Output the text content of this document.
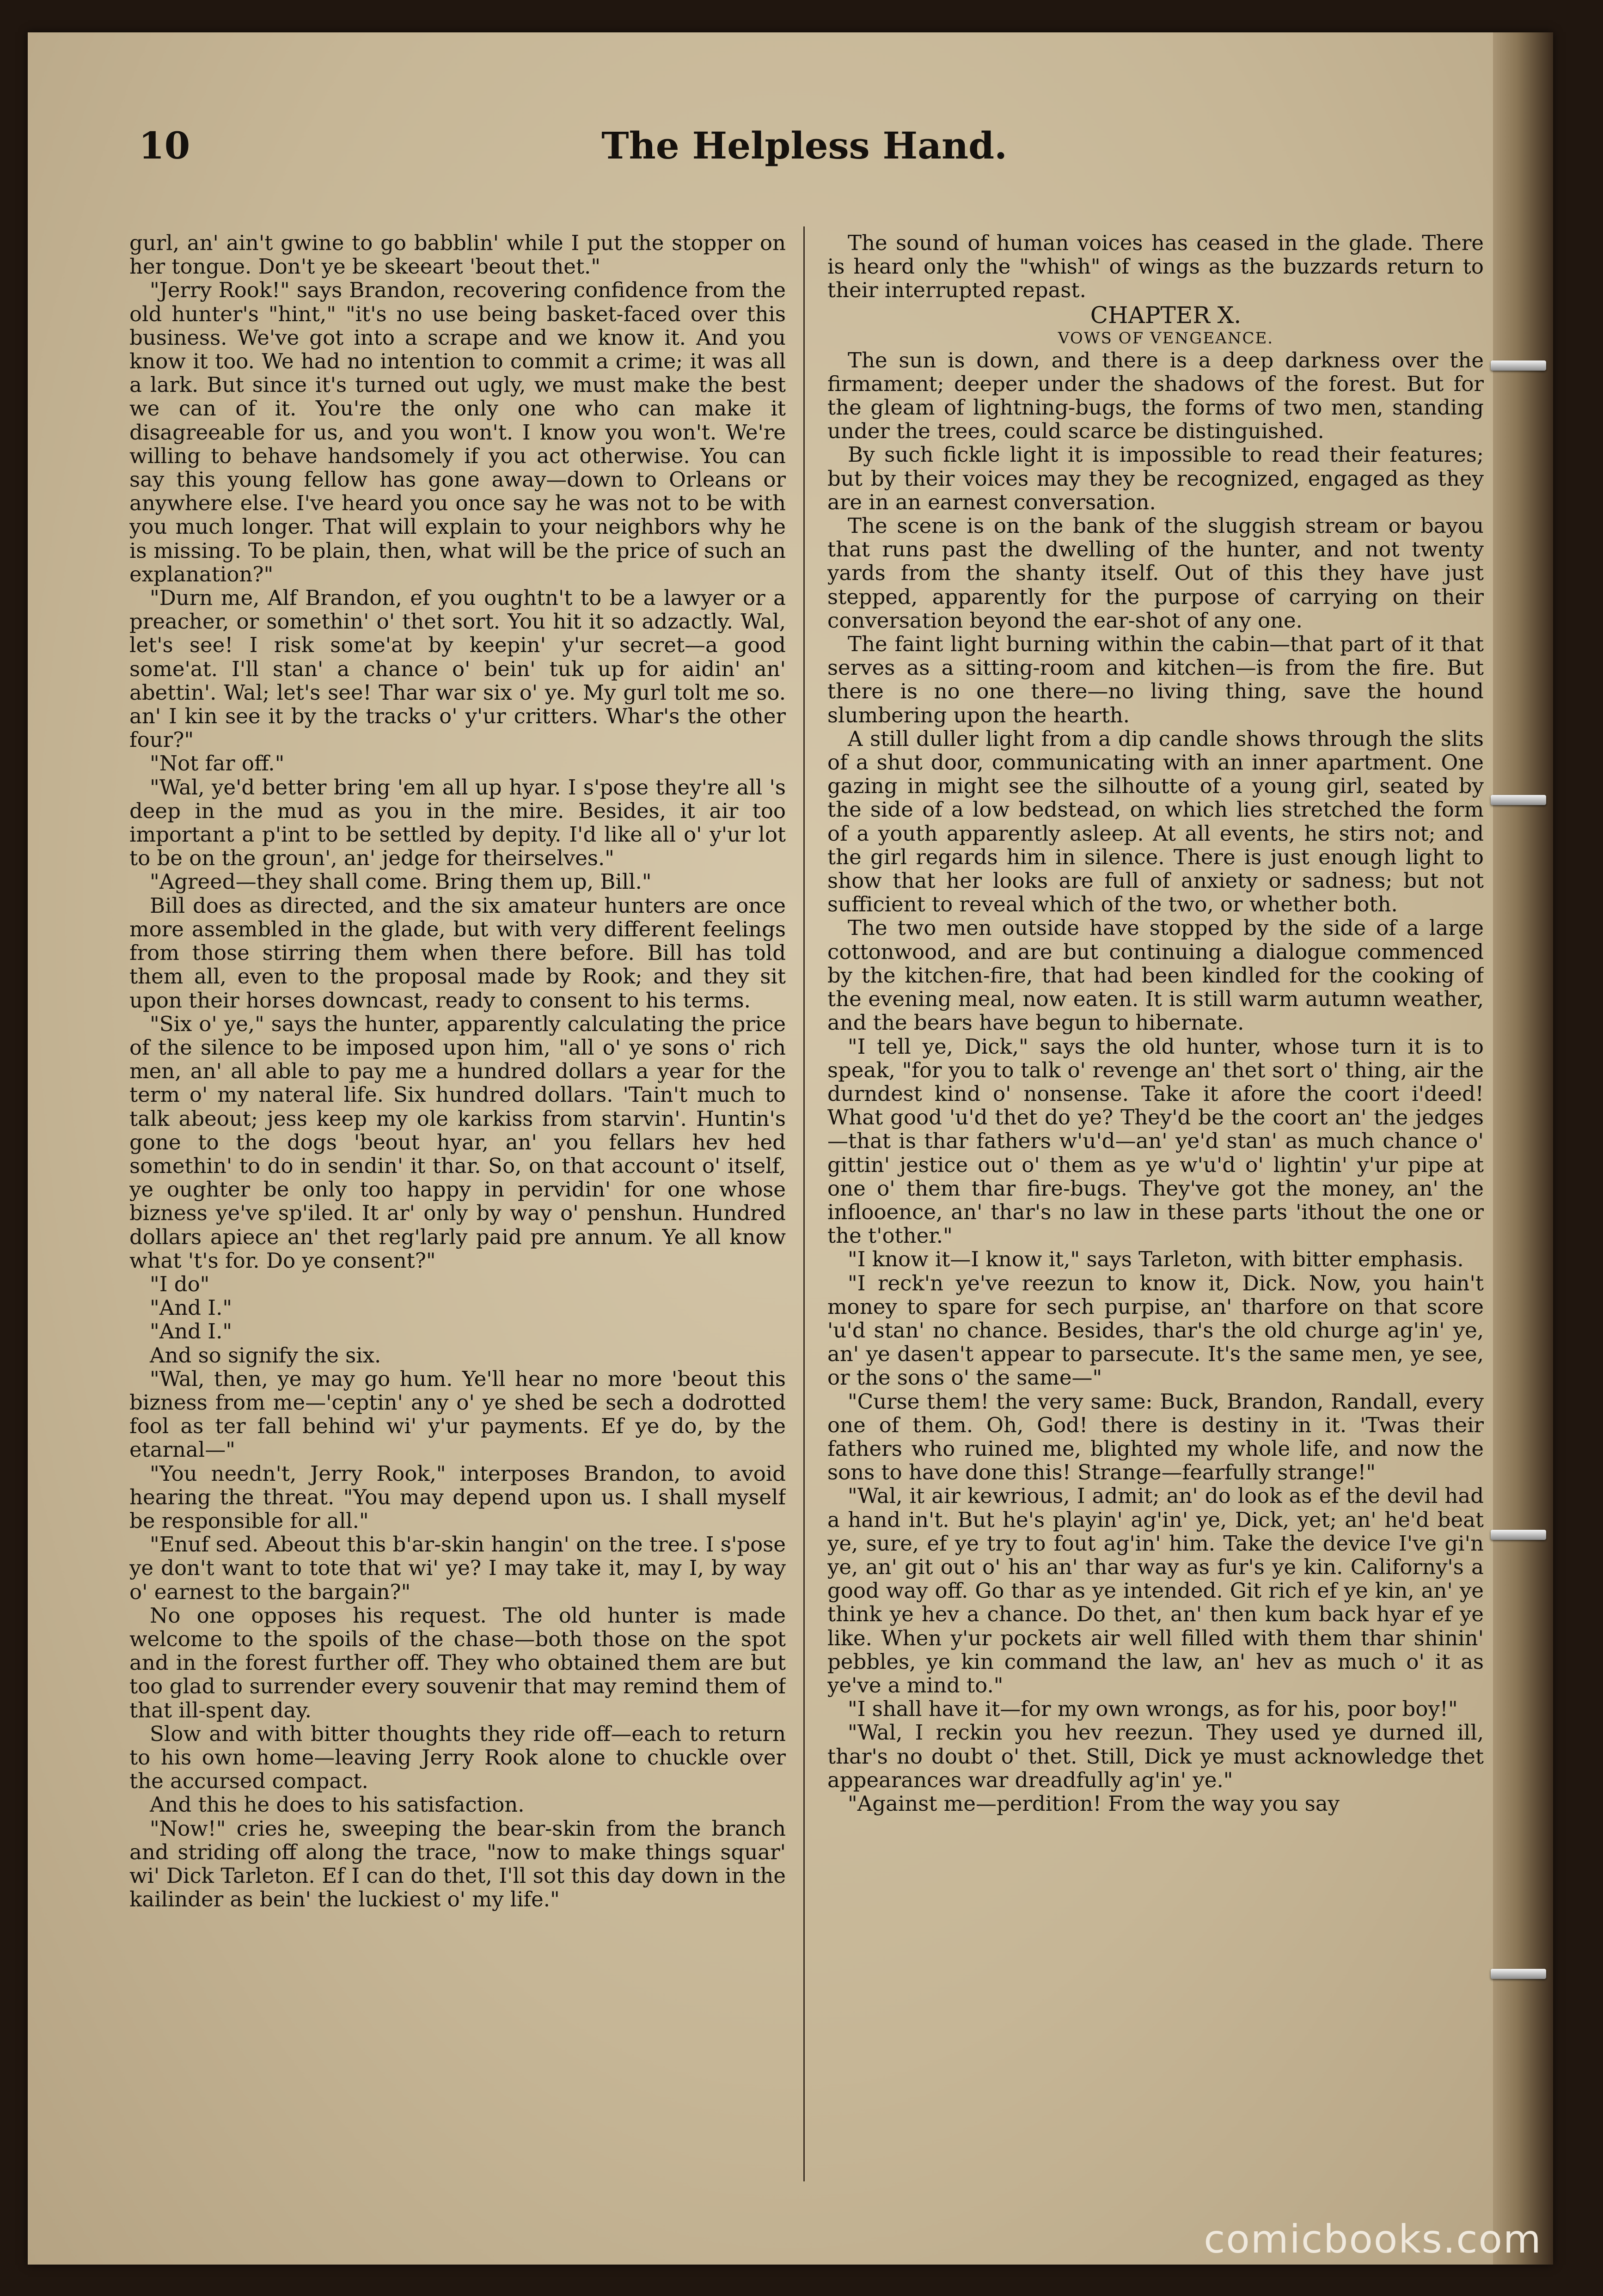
10	The Helpless Hand.

gurl, an' ain't gwine to go babblin' while I put the stopper on her tongue. Don't ye be skeeart 'beout thet."

"Jerry Rook!" says Brandon, recovering confidence from the old hunter's "hint," "it's no use being basket-faced over this business. We've got into a scrape and we know it. And you know it too. We had no intention to commit a crime; it was all a lark. But since it's turned out ugly, we must make the best we can of it. You're the only one who can make it disagreeable for us, and you won't. I know you won't. We're willing to behave handsomely if you act otherwise. You can say this young fellow has gone away—down to Orleans or anywhere else. I've heard you once say he was not to be with you much longer. That will explain to your neighbors why he is missing. To be plain, then, what will be the price of such an explanation?"

"Durn me, Alf Brandon, ef you oughtn't to be a lawyer or a preacher, or somethin' o' thet sort. You hit it so adzactly. Wal, let's see! I risk some'at by keepin' y'ur secret—a good some'at. I'll stan' a chance o' bein' tuk up for aidin' an' abettin'. Wal; let's see! Thar war six o' ye. My gurl tolt me so. an' I kin see it by the tracks o' y'ur critters. Whar's the other four?"

"Not far off."

"Wal, ye'd better bring 'em all up hyar. I s'pose they're all 's deep in the mud as you in the mire. Besides, it air too important a p'int to be settled by depity. I'd like all o' y'ur lot to be on the groun', an' jedge for theirselves."

"Agreed—they shall come. Bring them up, Bill."

Bill does as directed, and the six amateur hunters are once more assembled in the glade, but with very different feelings from those stirring them when there before. Bill has told them all, even to the proposal made by Rook; and they sit upon their horses downcast, ready to consent to his terms.

"Six o' ye," says the hunter, apparently calculating the price of the silence to be imposed upon him, "all o' ye sons o' rich men, an' all able to pay me a hundred dollars a year for the term o' my nateral life. Six hundred dollars. 'Tain't much to talk abeout; jess keep my ole karkiss from starvin'. Huntin's gone to the dogs 'beout hyar, an' you fellars hev hed somethin' to do in sendin' it thar. So, on that account o' itself, ye oughter be only too happy in pervidin' for one whose bizness ye've sp'iled. It ar' only by way o' penshun. Hundred dollars apiece an' thet reg'larly paid pre annum. Ye all know what 't's for. Do ye consent?"

"I do"

"And I."

"And I."

And so signify the six.

"Wal, then, ye may go hum. Ye'll hear no more 'beout this bizness from me—'ceptin' any o' ye shed be sech a dodrotted fool as ter fall behind wi' y'ur payments. Ef ye do, by the etarnal—"

"You needn't, Jerry Rook," interposes Brandon, to avoid hearing the threat. "You may depend upon us. I shall myself be responsible for all."

"Enuf sed. Abeout this b'ar-skin hangin' on the tree. I s'pose ye don't want to tote that wi' ye? I may take it, may I, by way o' earnest to the bargain?"

No one opposes his request. The old hunter is made welcome to the spoils of the chase—both those on the spot and in the forest further off. They who obtained them are but too glad to surrender every souvenir that may remind them of that ill-spent day.

Slow and with bitter thoughts they ride off—each to return to his own home—leaving Jerry Rook alone to chuckle over the accursed compact.

And this he does to his satisfaction.

"Now!" cries he, sweeping the bear-skin from the branch and striding off along the trace, "now to make things squar' wi' Dick Tarleton. Ef I can do thet, I'll sot this day down in the kailinder as bein' the luckiest o' my life."

The sound of human voices has ceased in the glade. There is heard only the "whish" of wings as the buzzards return to their interrupted repast.

CHAPTER X.

VOWS OF VENGEANCE.

The sun is down, and there is a deep darkness over the firmament; deeper under the shadows of the forest. But for the gleam of lightning-bugs, the forms of two men, standing under the trees, could scarce be distinguished.

By such fickle light it is impossible to read their features; but by their voices may they be recognized, engaged as they are in an earnest conversation.

The scene is on the bank of the sluggish stream or bayou that runs past the dwelling of the hunter, and not twenty yards from the shanty itself. Out of this they have just stepped, apparently for the purpose of carrying on their conversation beyond the ear-shot of any one.

The faint light burning within the cabin—that part of it that serves as a sitting-room and kitchen—is from the fire. But there is no one there—no living thing, save the hound slumbering upon the hearth.

A still duller light from a dip candle shows through the slits of a shut door, communicating with an inner apartment. One gazing in might see the silhoutte of a young girl, seated by the side of a low bedstead, on which lies stretched the form of a youth apparently asleep. At all events, he stirs not; and the girl regards him in silence. There is just enough light to show that her looks are full of anxiety or sadness; but not sufficient to reveal which of the two, or whether both.

The two men outside have stopped by the side of a large cottonwood, and are but continuing a dialogue commenced by the kitchen-fire, that had been kindled for the cooking of the evening meal, now eaten. It is still warm autumn weather, and the bears have begun to hibernate.

"I tell ye, Dick," says the old hunter, whose turn it is to speak, "for you to talk o' revenge an' thet sort o' thing, air the durndest kind o' nonsense. Take it afore the coort i'deed! What good 'u'd thet do ye? They'd be the coort an' the jedges—that is thar fathers w'u'd—an' ye'd stan' as much chance o' gittin' jestice out o' them as ye w'u'd o' lightin' y'ur pipe at one o' them thar fire-bugs. They've got the money, an' the inflooence, an' thar's no law in these parts 'ithout the one or the t'other."

"I know it—I know it," says Tarleton, with bitter emphasis.

"I reck'n ye've reezun to know it, Dick. Now, you hain't money to spare for sech purpise, an' tharfore on that score 'u'd stan' no chance. Besides, thar's the old churge ag'in' ye, an' ye dasen't appear to parsecute. It's the same men, ye see, or the sons o' the same—"

"Curse them! the very same: Buck, Brandon, Randall, every one of them. Oh, God! there is destiny in it. 'Twas their fathers who ruined me, blighted my whole life, and now the sons to have done this! Strange—fearfully strange!"

"Wal, it air kewrious, I admit; an' do look as ef the devil had a hand in't. But he's playin' ag'in' ye, Dick, yet; an' he'd beat ye, sure, ef ye try to fout ag'in' him. Take the device I've gi'n ye, an' git out o' his an' thar way as fur's ye kin. Californy's a good way off. Go thar as ye intended. Git rich ef ye kin, an' ye think ye hev a chance. Do thet, an' then kum back hyar ef ye like. When y'ur pockets air well filled with them thar shinin' pebbles, ye kin command the law, an' hev as much o' it as ye've a mind to."

"I shall have it—for my own wrongs, as for his, poor boy!"

"Wal, I reckin you hev reezun. They used ye durned ill, thar's no doubt o' thet. Still, Dick ye must acknowledge thet appearances war dreadfully ag'in' ye."

"Against me—perdition! From the way you say

comicbooks.com
